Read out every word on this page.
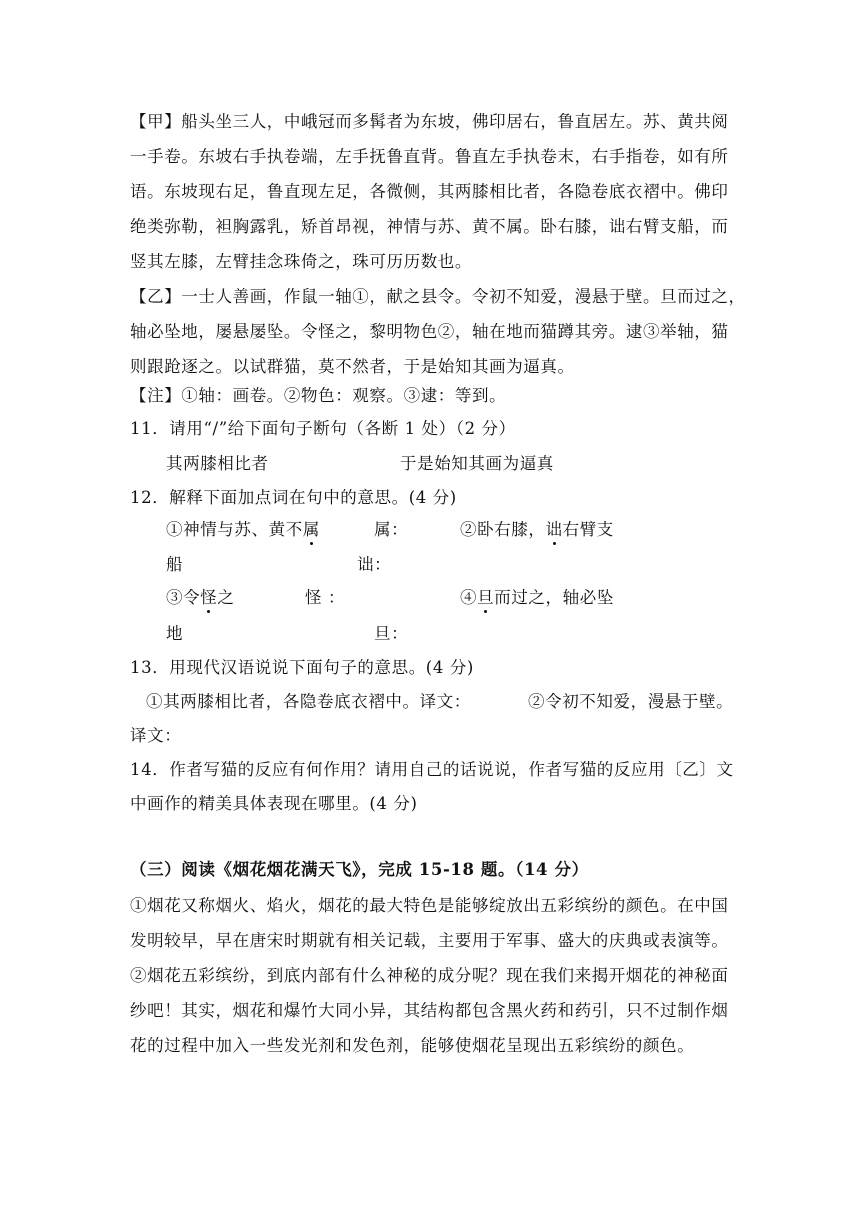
【甲】船头坐三人，中峨冠而多髯者为东坡，佛印居右，鲁直居左。苏、黄共阅
一手卷。东坡右手执卷端，左手抚鲁直背。鲁直左手执卷末，右手指卷，如有所
语。东坡现右足，鲁直现左足，各微侧，其两膝相比者，各隐卷底衣褶中。佛印
绝类弥勒，袒胸露乳，矫首昂视，神情与苏、黄不属。卧右膝，诎右臂支船，而
竖其左膝，左臂挂念珠倚之，珠可历历数也。
【乙】一士人善画，作鼠一轴①，献之县令。令初不知爱，漫悬于壁。旦而过之，
轴必坠地，屡悬屡坠。令怪之，黎明物色②，轴在地而猫蹲其旁。逮③举轴，猫
则跟跄逐之。以试群猫，莫不然者，于是始知其画为逼真。
【注】①轴：画卷。②物色：观察。③逮：等到。
11．请用“/”给下面句子断句（各断 1 处）（2 分）
其两膝相比者	于是始知其画为逼真
12．解释下面加点词在句中的意思。(4 分)
①神情与苏、黄不属	属：	②卧右膝，诎右臂支
船	诎：
③令怪之	怪 ：	④旦而过之，轴必坠
地	旦：
13．用现代汉语说说下面句子的意思。(4 分)
①其两膝相比者，各隐卷底衣褶中。译文：	②令初不知爱，漫悬于壁。
译文：
14．作者写猫的反应有何作用？请用自己的话说说，作者写猫的反应用〔乙〕文
中画作的精美具体表现在哪里。(4 分)
（三）阅读《烟花烟花满天飞》，完成 15-18 题。（14 分）
①烟花又称烟火、焰火，烟花的最大特色是能够绽放出五彩缤纷的颜色。在中国
发明较早，早在唐宋时期就有相关记载，主要用于军事、盛大的庆典或表演等。
②烟花五彩缤纷，到底内部有什么神秘的成分呢？现在我们来揭开烟花的神秘面
纱吧！其实，烟花和爆竹大同小异，其结构都包含黑火药和药引，只不过制作烟
花的过程中加入一些发光剂和发色剂，能够使烟花呈现出五彩缤纷的颜色。
